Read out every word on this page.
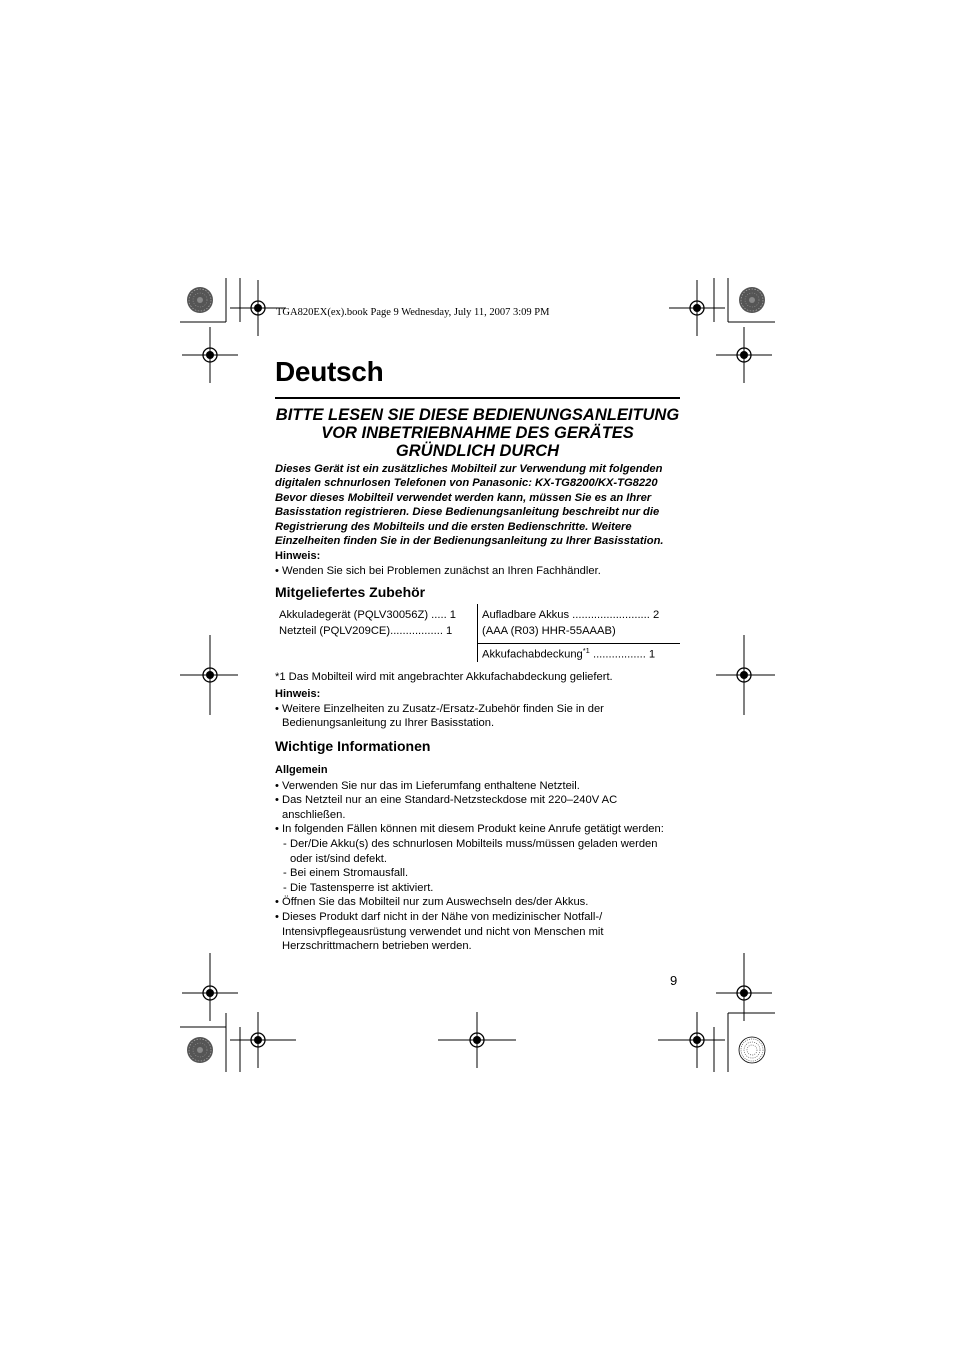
TGA820EX(ex).book Page 9 Wednesday, July 11, 2007 3:09 PM
Deutsch
BITTE LESEN SIE DIESE BEDIENUNGSANLEITUNG VOR INBETRIEBNAHME DES GERÄTES GRÜNDLICH DURCH
Dieses Gerät ist ein zusätzliches Mobilteil zur Verwendung mit folgenden
digitalen schnurlosen Telefonen von Panasonic: KX-TG8200/KX-TG8220
Bevor dieses Mobilteil verwendet werden kann, müssen Sie es an Ihrer
Basisstation registrieren. Diese Bedienungsanleitung beschreibt nur die
Registrierung des Mobilteils und die ersten Bedienschritte. Weitere
Einzelheiten finden Sie in der Bedienungsanleitung zu Ihrer Basisstation.
Hinweis:
• Wenden Sie sich bei Problemen zunächst an Ihren Fachhändler.
Mitgeliefertes Zubehör
Akkuladegerät (PQLV30056Z) ..... 1
Netzteil (PQLV209CE)................. 1
Aufladbare Akkus ......................... 2
(AAA (R03) HHR-55AAAB)
Akkufachabdeckung$^{*1}$ ................. 1
*1 Das Mobilteil wird mit angebrachter Akkufachabdeckung geliefert.
Hinweis:
• Weitere Einzelheiten zu Zusatz-/Ersatz-Zubehör finden Sie in der
Bedienungsanleitung zu Ihrer Basisstation.
Wichtige Informationen
Allgemein
• Verwenden Sie nur das im Lieferumfang enthaltene Netzteil.
• Das Netzteil nur an eine Standard-Netzsteckdose mit 220–240V AC
anschließen.
• In folgenden Fällen können mit diesem Produkt keine Anrufe getätigt werden:
- Der/Die Akku(s) des schnurlosen Mobilteils muss/müssen geladen werden
oder ist/sind defekt.
- Bei einem Stromausfall.
- Die Tastensperre ist aktiviert.
• Öffnen Sie das Mobilteil nur zum Auswechseln des/der Akkus.
• Dieses Produkt darf nicht in der Nähe von medizinischer Notfall-/
Intensivpflegeausrüstung verwendet und nicht von Menschen mit
Herzschrittmachern betrieben werden.
9
